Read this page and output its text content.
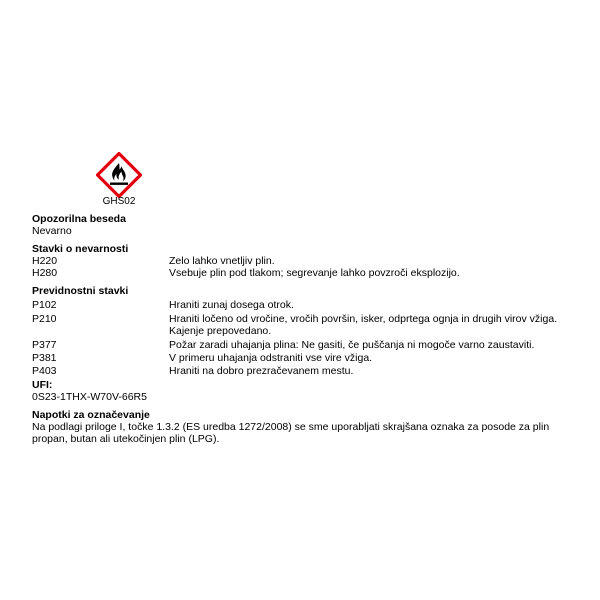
GHS02
Opozorilna beseda
Nevarno
Stavki o nevarnosti
H220	Zelo lahko vnetljiv plin.
H280	Vsebuje plin pod tlakom; segrevanje lahko povzroči eksplozijo.
Previdnostni stavki
P102	Hraniti zunaj dosega otrok.
P210	Hraniti ločeno od vročine, vročih površin, isker, odprtega ognja in drugih virov vžiga.
Kajenje prepovedano.
P377	Požar zaradi uhajanja plina: Ne gasiti, če puščanja ni mogoče varno zaustaviti.
P381	V primeru uhajanja odstraniti vse vire vžiga.
P403	Hraniti na dobro prezračevanem mestu.
UFI:
0S23-1THX-W70V-66R5
Napotki za označevanje
Na podlagi priloge I, točke 1.3.2 (ES uredba 1272/2008) se sme uporabljati skrajšana oznaka za posode za plin
propan, butan ali utekočinjen plin (LPG).
